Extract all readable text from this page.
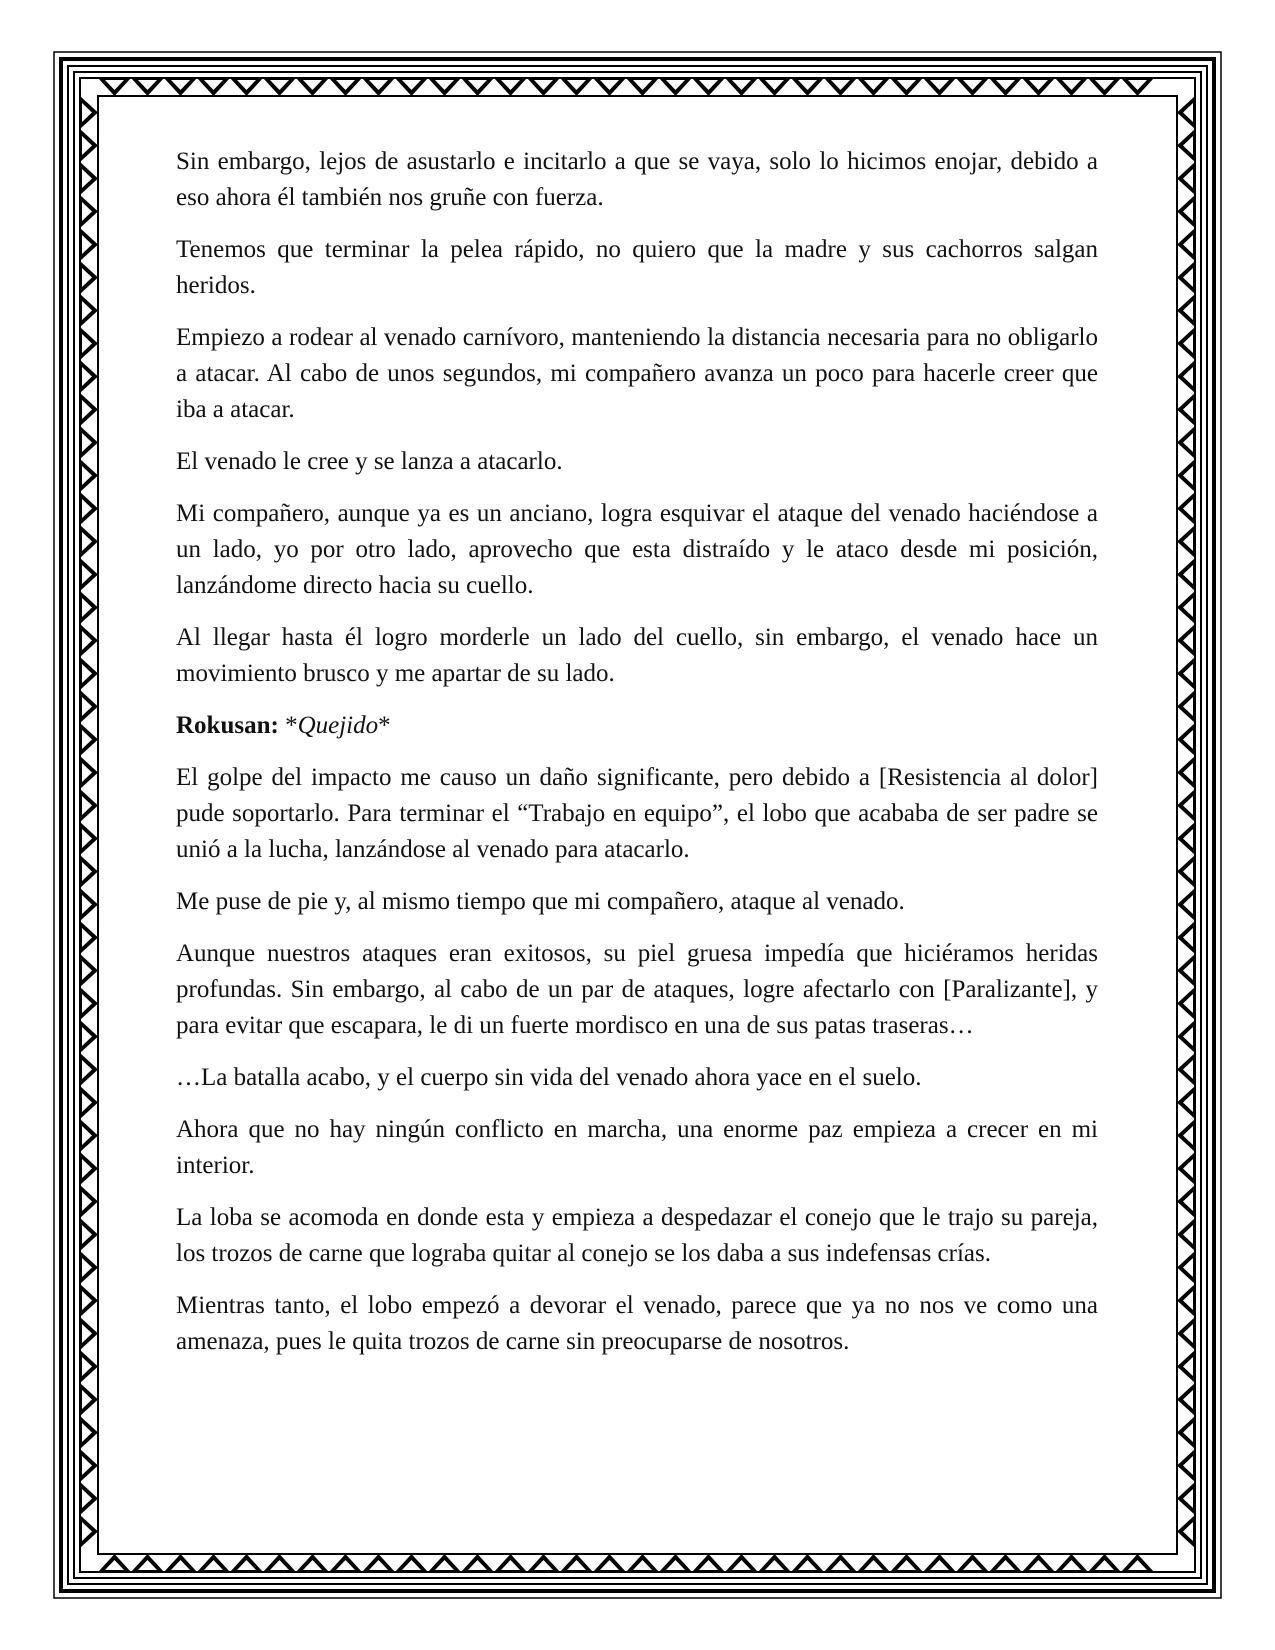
Sin embargo, lejos de asustarlo e incitarlo a que se vaya, solo lo hicimos enojar, debido a eso ahora él también nos gruñe con fuerza.

Tenemos que terminar la pelea rápido, no quiero que la madre y sus cachorros salgan heridos.

Empiezo a rodear al venado carnívoro, manteniendo la distancia necesaria para no obligarlo a atacar. Al cabo de unos segundos, mi compañero avanza un poco para hacerle creer que iba a atacar.

El venado le cree y se lanza a atacarlo.

Mi compañero, aunque ya es un anciano, logra esquivar el ataque del venado haciéndose a un lado, yo por otro lado, aprovecho que esta distraído y le ataco desde mi posición, lanzándome directo hacia su cuello.

Al llegar hasta él logro morderle un lado del cuello, sin embargo, el venado hace un movimiento brusco y me apartar de su lado.

Rokusan: *Quejido*

El golpe del impacto me causo un daño significante, pero debido a [Resistencia al dolor] pude soportarlo. Para terminar el “Trabajo en equipo”, el lobo que acababa de ser padre se unió a la lucha, lanzándose al venado para atacarlo.

Me puse de pie y, al mismo tiempo que mi compañero, ataque al venado.

Aunque nuestros ataques eran exitosos, su piel gruesa impedía que hiciéramos heridas profundas. Sin embargo, al cabo de un par de ataques, logre afectarlo con [Paralizante], y para evitar que escapara, le di un fuerte mordisco en una de sus patas traseras…

…La batalla acabo, y el cuerpo sin vida del venado ahora yace en el suelo.

Ahora que no hay ningún conflicto en marcha, una enorme paz empieza a crecer en mi interior.

La loba se acomoda en donde esta y empieza a despedazar el conejo que le trajo su pareja, los trozos de carne que lograba quitar al conejo se los daba a sus indefensas crías.

Mientras tanto, el lobo empezó a devorar el venado, parece que ya no nos ve como una amenaza, pues le quita trozos de carne sin preocuparse de nosotros.
